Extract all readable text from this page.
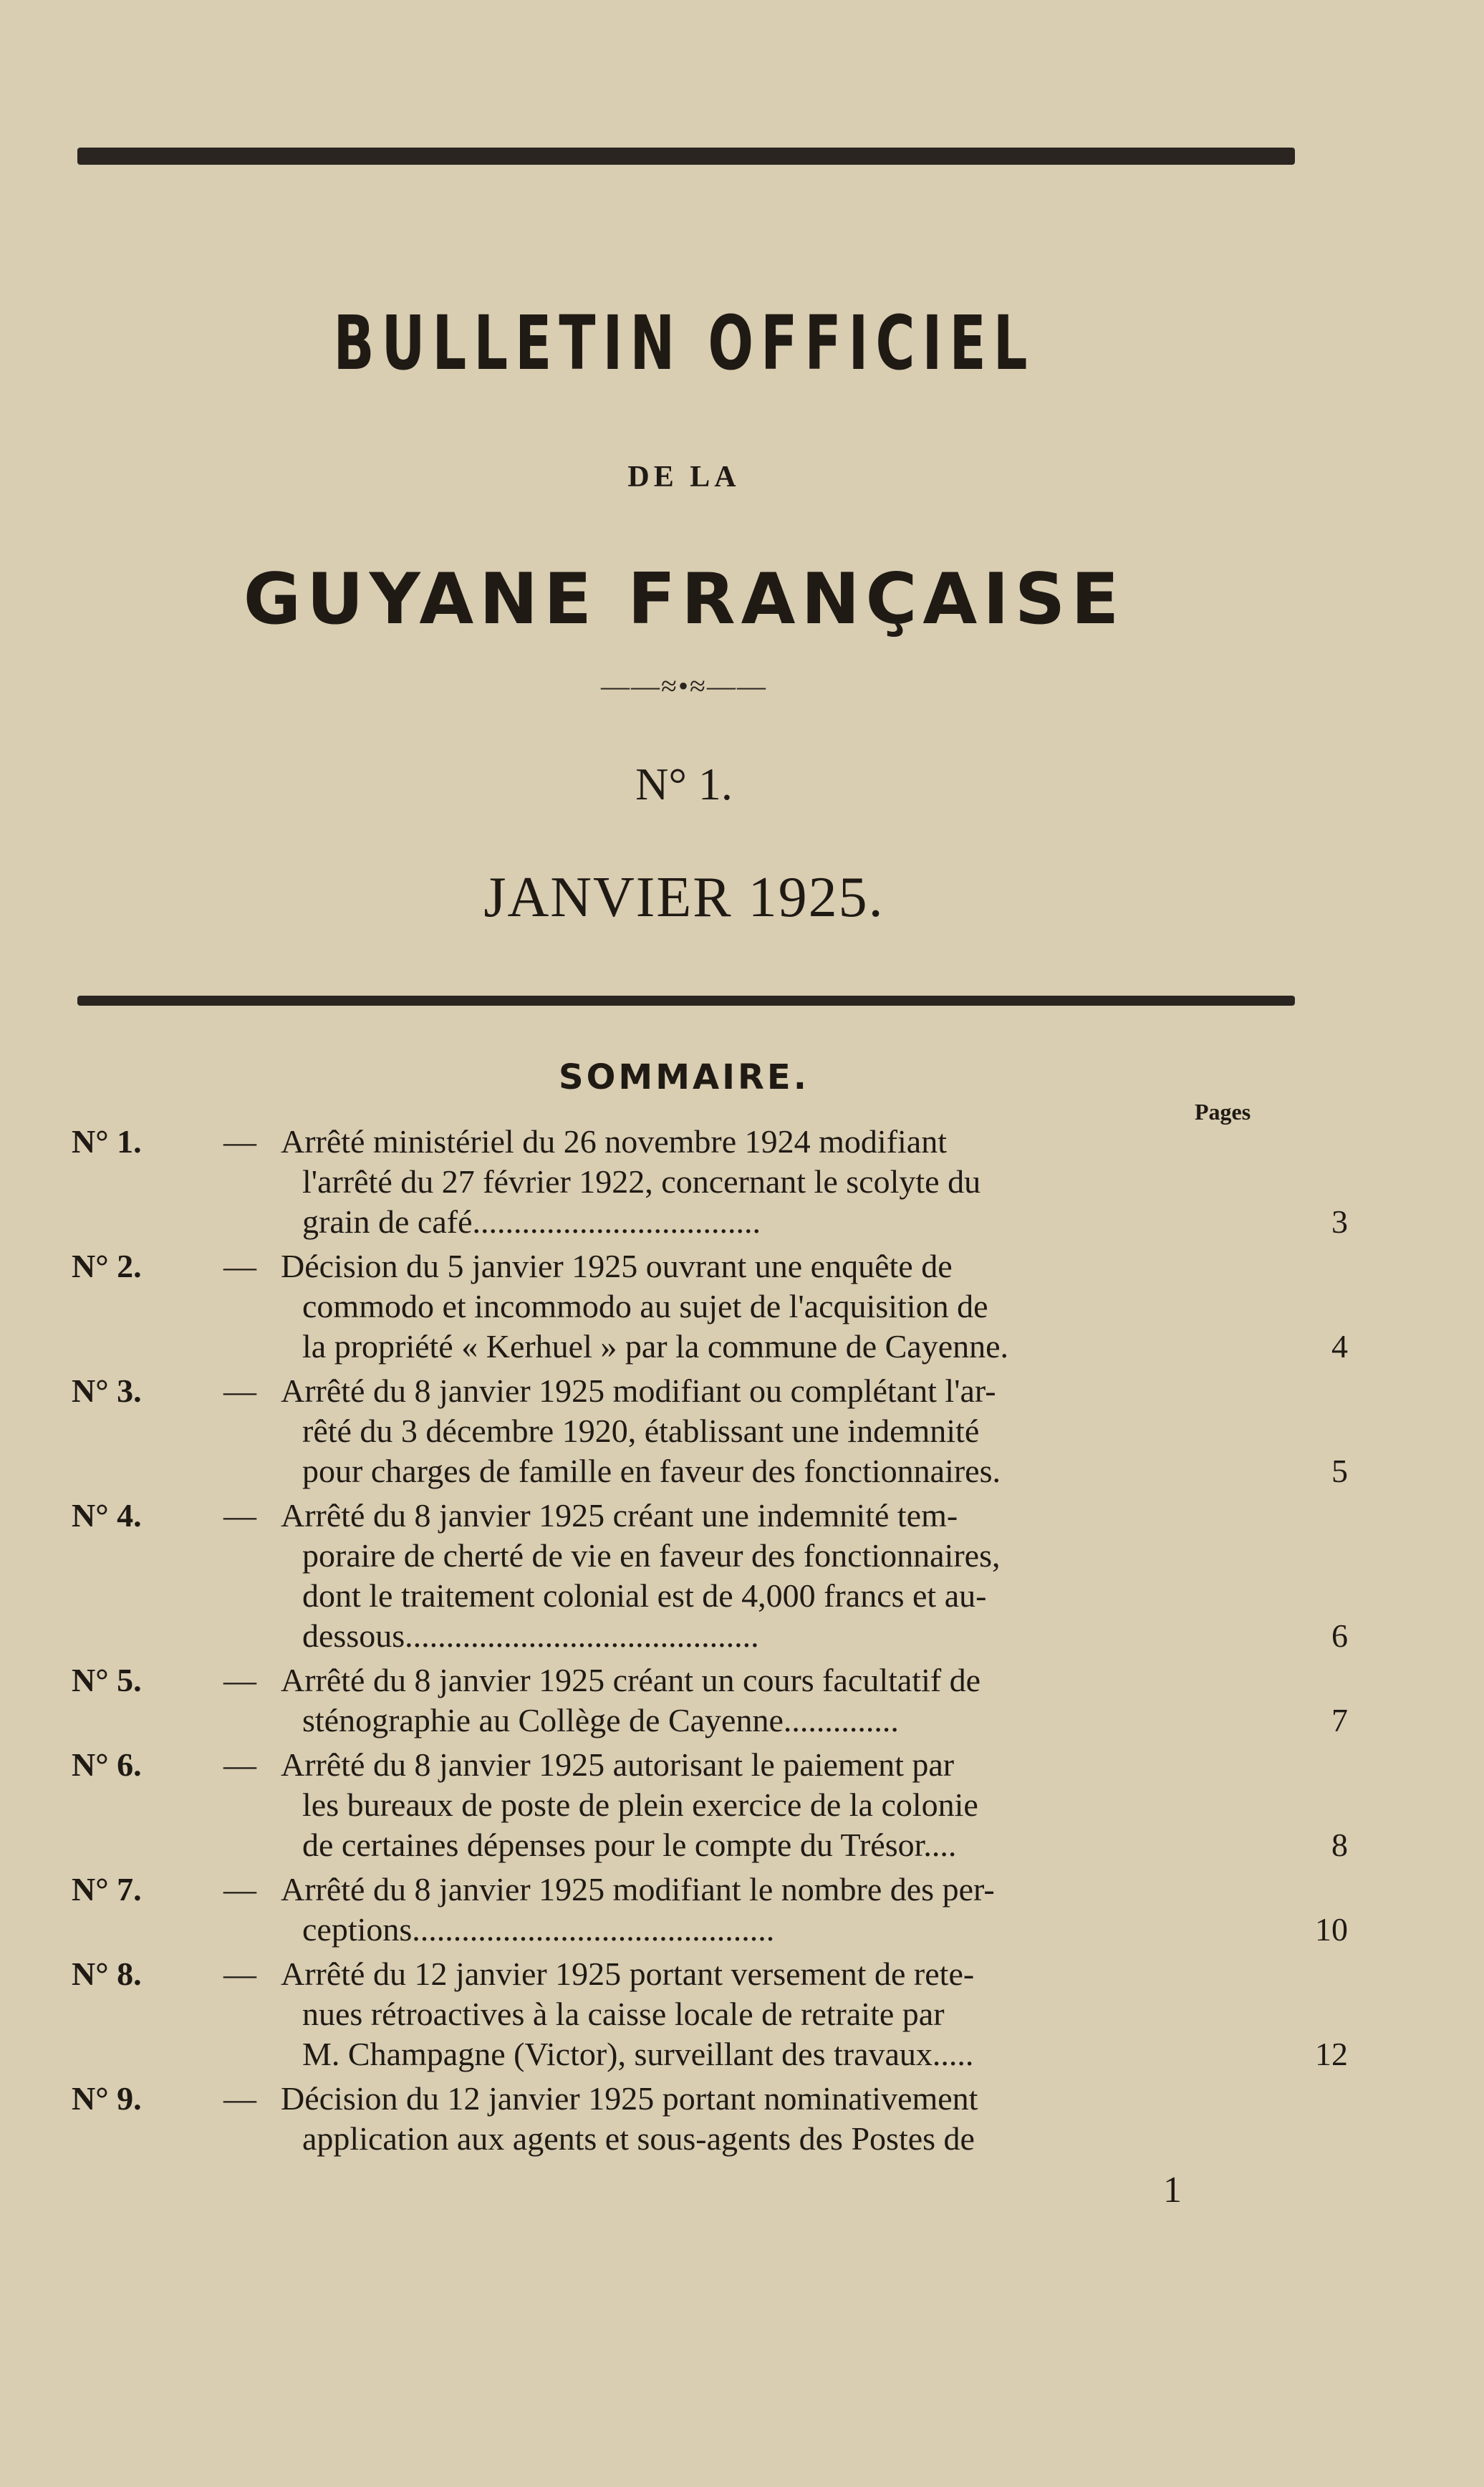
BULLETIN OFFICIEL
DE LA
GUYANE FRANÇAISE
——≈•≈——
N° 1.
JANVIER 1925.
SOMMAIRE.
Pages
N° 1.	— Arrêté ministériel du 26 novembre 1924 modifiant
l'arrêté du 27 février 1922, concernant le scolyte du
grain de café...................................	3
N° 2.	— Décision du 5 janvier 1925 ouvrant une enquête de
commodo et incommodo au sujet de l'acquisition de
la propriété « Kerhuel » par la commune de Cayenne.	4
N° 3.	— Arrêté du 8 janvier 1925 modifiant ou complétant l'ar-
rêté du 3 décembre 1920, établissant une indemnité
pour charges de famille en faveur des fonctionnaires.	5
N° 4.	— Arrêté du 8 janvier 1925 créant une indemnité tem-
poraire de cherté de vie en faveur des fonctionnaires,
dont le traitement colonial est de 4,000 francs et au-
dessous...........................................	6
N° 5.	— Arrêté du 8 janvier 1925 créant un cours facultatif de
sténographie au Collège de Cayenne..............	7
N° 6.	— Arrêté du 8 janvier 1925 autorisant le paiement par
les bureaux de poste de plein exercice de la colonie
de certaines dépenses pour le compte du Trésor....	8
N° 7.	— Arrêté du 8 janvier 1925 modifiant le nombre des per-
ceptions............................................	10
N° 8.	— Arrêté du 12 janvier 1925 portant versement de rete-
nues rétroactives à la caisse locale de retraite par
M. Champagne (Victor), surveillant des travaux.....	12
N° 9.	— Décision du 12 janvier 1925 portant nominativement
application aux agents et sous-agents des Postes de
1
